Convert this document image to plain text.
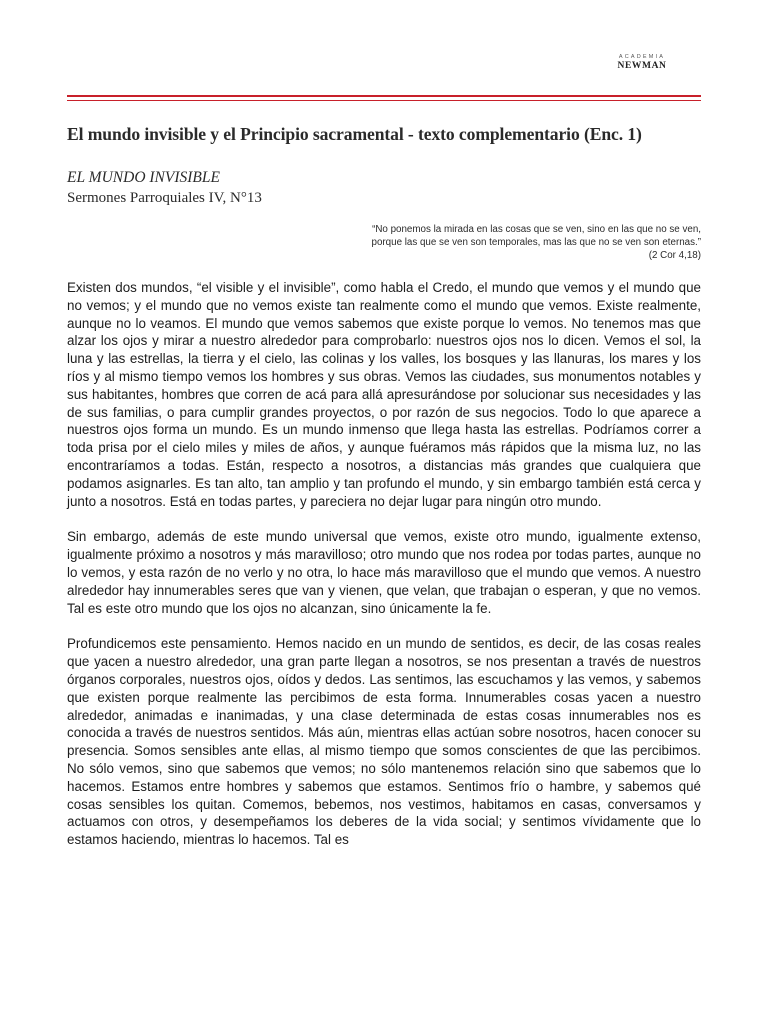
ACADEMIA
NEWMAN
El mundo invisible y el Principio sacramental - texto complementario (Enc. 1)
EL MUNDO INVISIBLE
Sermones Parroquiales IV, N°13
“No ponemos la mirada en las cosas que se ven, sino en las que no se ven,
porque las que se ven son temporales, mas las que no se ven son eternas.”
(2 Cor 4,18)

Existen dos mundos, “el visible y el invisible”, como habla el Credo, el mundo que vemos y el mundo que no vemos; y el mundo que no vemos existe tan realmente como el mundo que vemos. Existe realmente, aunque no lo veamos. El mundo que vemos sabemos que existe porque lo vemos. No tenemos mas que alzar los ojos y mirar a nuestro alrededor para comprobarlo: nuestros ojos nos lo dicen. Vemos el sol, la luna y las estrellas, la tierra y el cielo, las colinas y los valles, los bosques y las llanuras, los mares y los ríos y al mismo tiempo vemos los hombres y sus obras. Vemos las ciudades, sus monumentos notables y sus habitantes, hombres que corren de acá para allá apresurándose por solucionar sus necesidades y las de sus familias, o para cumplir grandes proyectos, o por razón de sus negocios. Todo lo que aparece a nuestros ojos forma un mundo. Es un mundo inmenso que llega hasta las estrellas. Podríamos correr a toda prisa por el cielo miles y miles de años, y aunque fuéramos más rápidos que la misma luz, no las encontraríamos a todas. Están, respecto a nosotros, a distancias más grandes que cualquiera que podamos asignarles. Es tan alto, tan amplio y tan profundo el mundo, y sin embargo también está cerca y junto a nosotros. Está en todas partes, y pareciera no dejar lugar para ningún otro mundo.

Sin embargo, además de este mundo universal que vemos, existe otro mundo, igualmente extenso, igualmente próximo a nosotros y más maravilloso; otro mundo que nos rodea por todas partes, aunque no lo vemos, y esta razón de no verlo y no otra, lo hace más maravilloso que el mundo que vemos. A nuestro alrededor hay innumerables seres que van y vienen, que velan, que trabajan o esperan, y que no vemos. Tal es este otro mundo que los ojos no alcanzan, sino únicamente la fe.

Profundicemos este pensamiento. Hemos nacido en un mundo de sentidos, es decir, de las cosas reales que yacen a nuestro alrededor, una gran parte llegan a nosotros, se nos presentan a través de nuestros órganos corporales, nuestros ojos, oídos y dedos. Las sentimos, las escuchamos y las vemos, y sabemos que existen porque realmente las percibimos de esta forma. Innumerables cosas yacen a nuestro alrededor, animadas e inanimadas, y una clase determinada de estas cosas innumerables nos es conocida a través de nuestros sentidos. Más aún, mientras ellas actúan sobre nosotros, hacen conocer su presencia. Somos sensibles ante ellas, al mismo tiempo que somos conscientes de que las percibimos. No sólo vemos, sino que sabemos que vemos; no sólo mantenemos relación sino que sabemos que lo hacemos. Estamos entre hombres y sabemos que estamos. Sentimos frío o hambre, y sabemos qué cosas sensibles los quitan. Comemos, bebemos, nos vestimos, habitamos en casas, conversamos y actuamos con otros, y desempeñamos los deberes de la vida social; y sentimos vívidamente que lo estamos haciendo, mientras lo hacemos. Tal es
